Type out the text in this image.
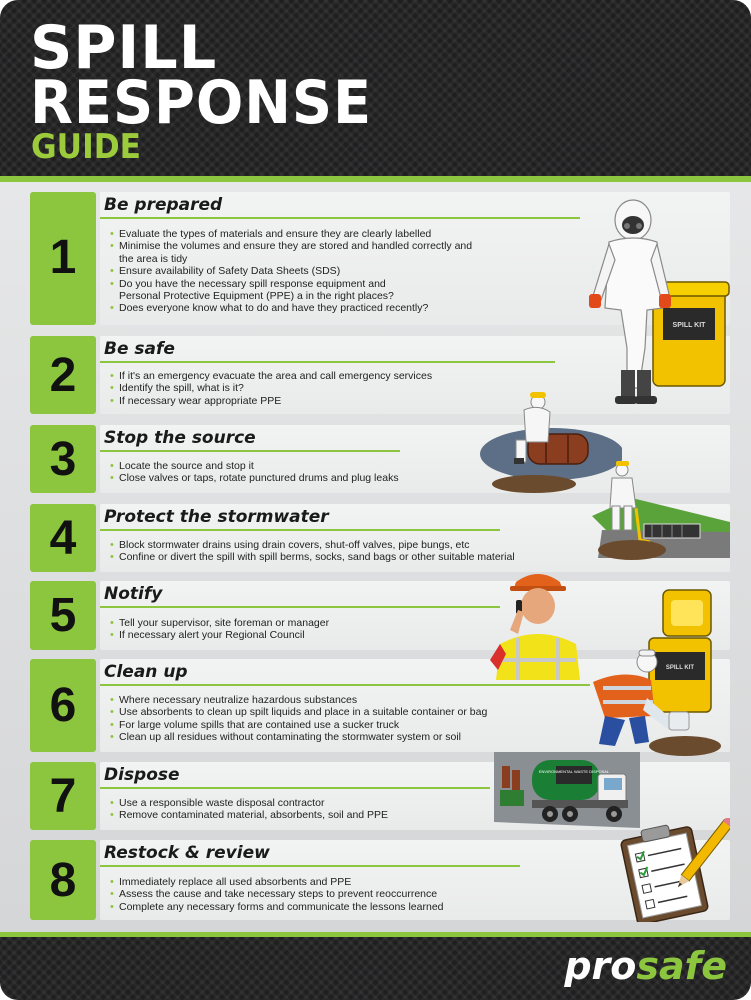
SPILL
RESPONSE
GUIDE
1
Be prepared
• Evaluate the types of materials and ensure they are clearly labelled
• Minimise the volumes and ensure they are stored and handled correctly and
the area is tidy
• Ensure availability of Safety Data Sheets (SDS)
• Do you have the necessary spill response equipment and
Personal Protective Equipment (PPE) a in the right places?
• Does everyone know what to do and have they practiced recently?
2	Be safe
• If it's an emergency evacuate the area and call emergency services
• Identify the spill, what is it?
• If necessary wear appropriate PPE
3	Stop the source
• Locate the source and stop it
• Close valves or taps, rotate punctured drums and plug leaks
4	Protect the stormwater
• Block stormwater drains using drain covers, shut-off valves, pipe bungs, etc
• Confine or divert the spill with spill berms, socks, sand bags or other suitable material
5	Notify
• Tell your supervisor, site foreman or manager
• If necessary alert your Regional Council
6
Clean up
• Where necessary neutralize hazardous substances
• Use absorbents to clean up spilt liquids and place in a suitable container or bag
• For large volume spills that are contained use a sucker truck
• Clean up all residues without contaminating the stormwater system or soil
7	Dispose
• Use a responsible waste disposal contractor
• Remove contaminated material, absorbents, soil and PPE
8
Restock & review
• Immediately replace all used absorbents and PPE
• Assess the cause and take necessary steps to prevent reoccurrence
• Complete any necessary forms and communicate the lessons learned
SPILL KIT
SPILL KIT
ENVIRONMENTAL WASTE DISPOSAL
prosafe
